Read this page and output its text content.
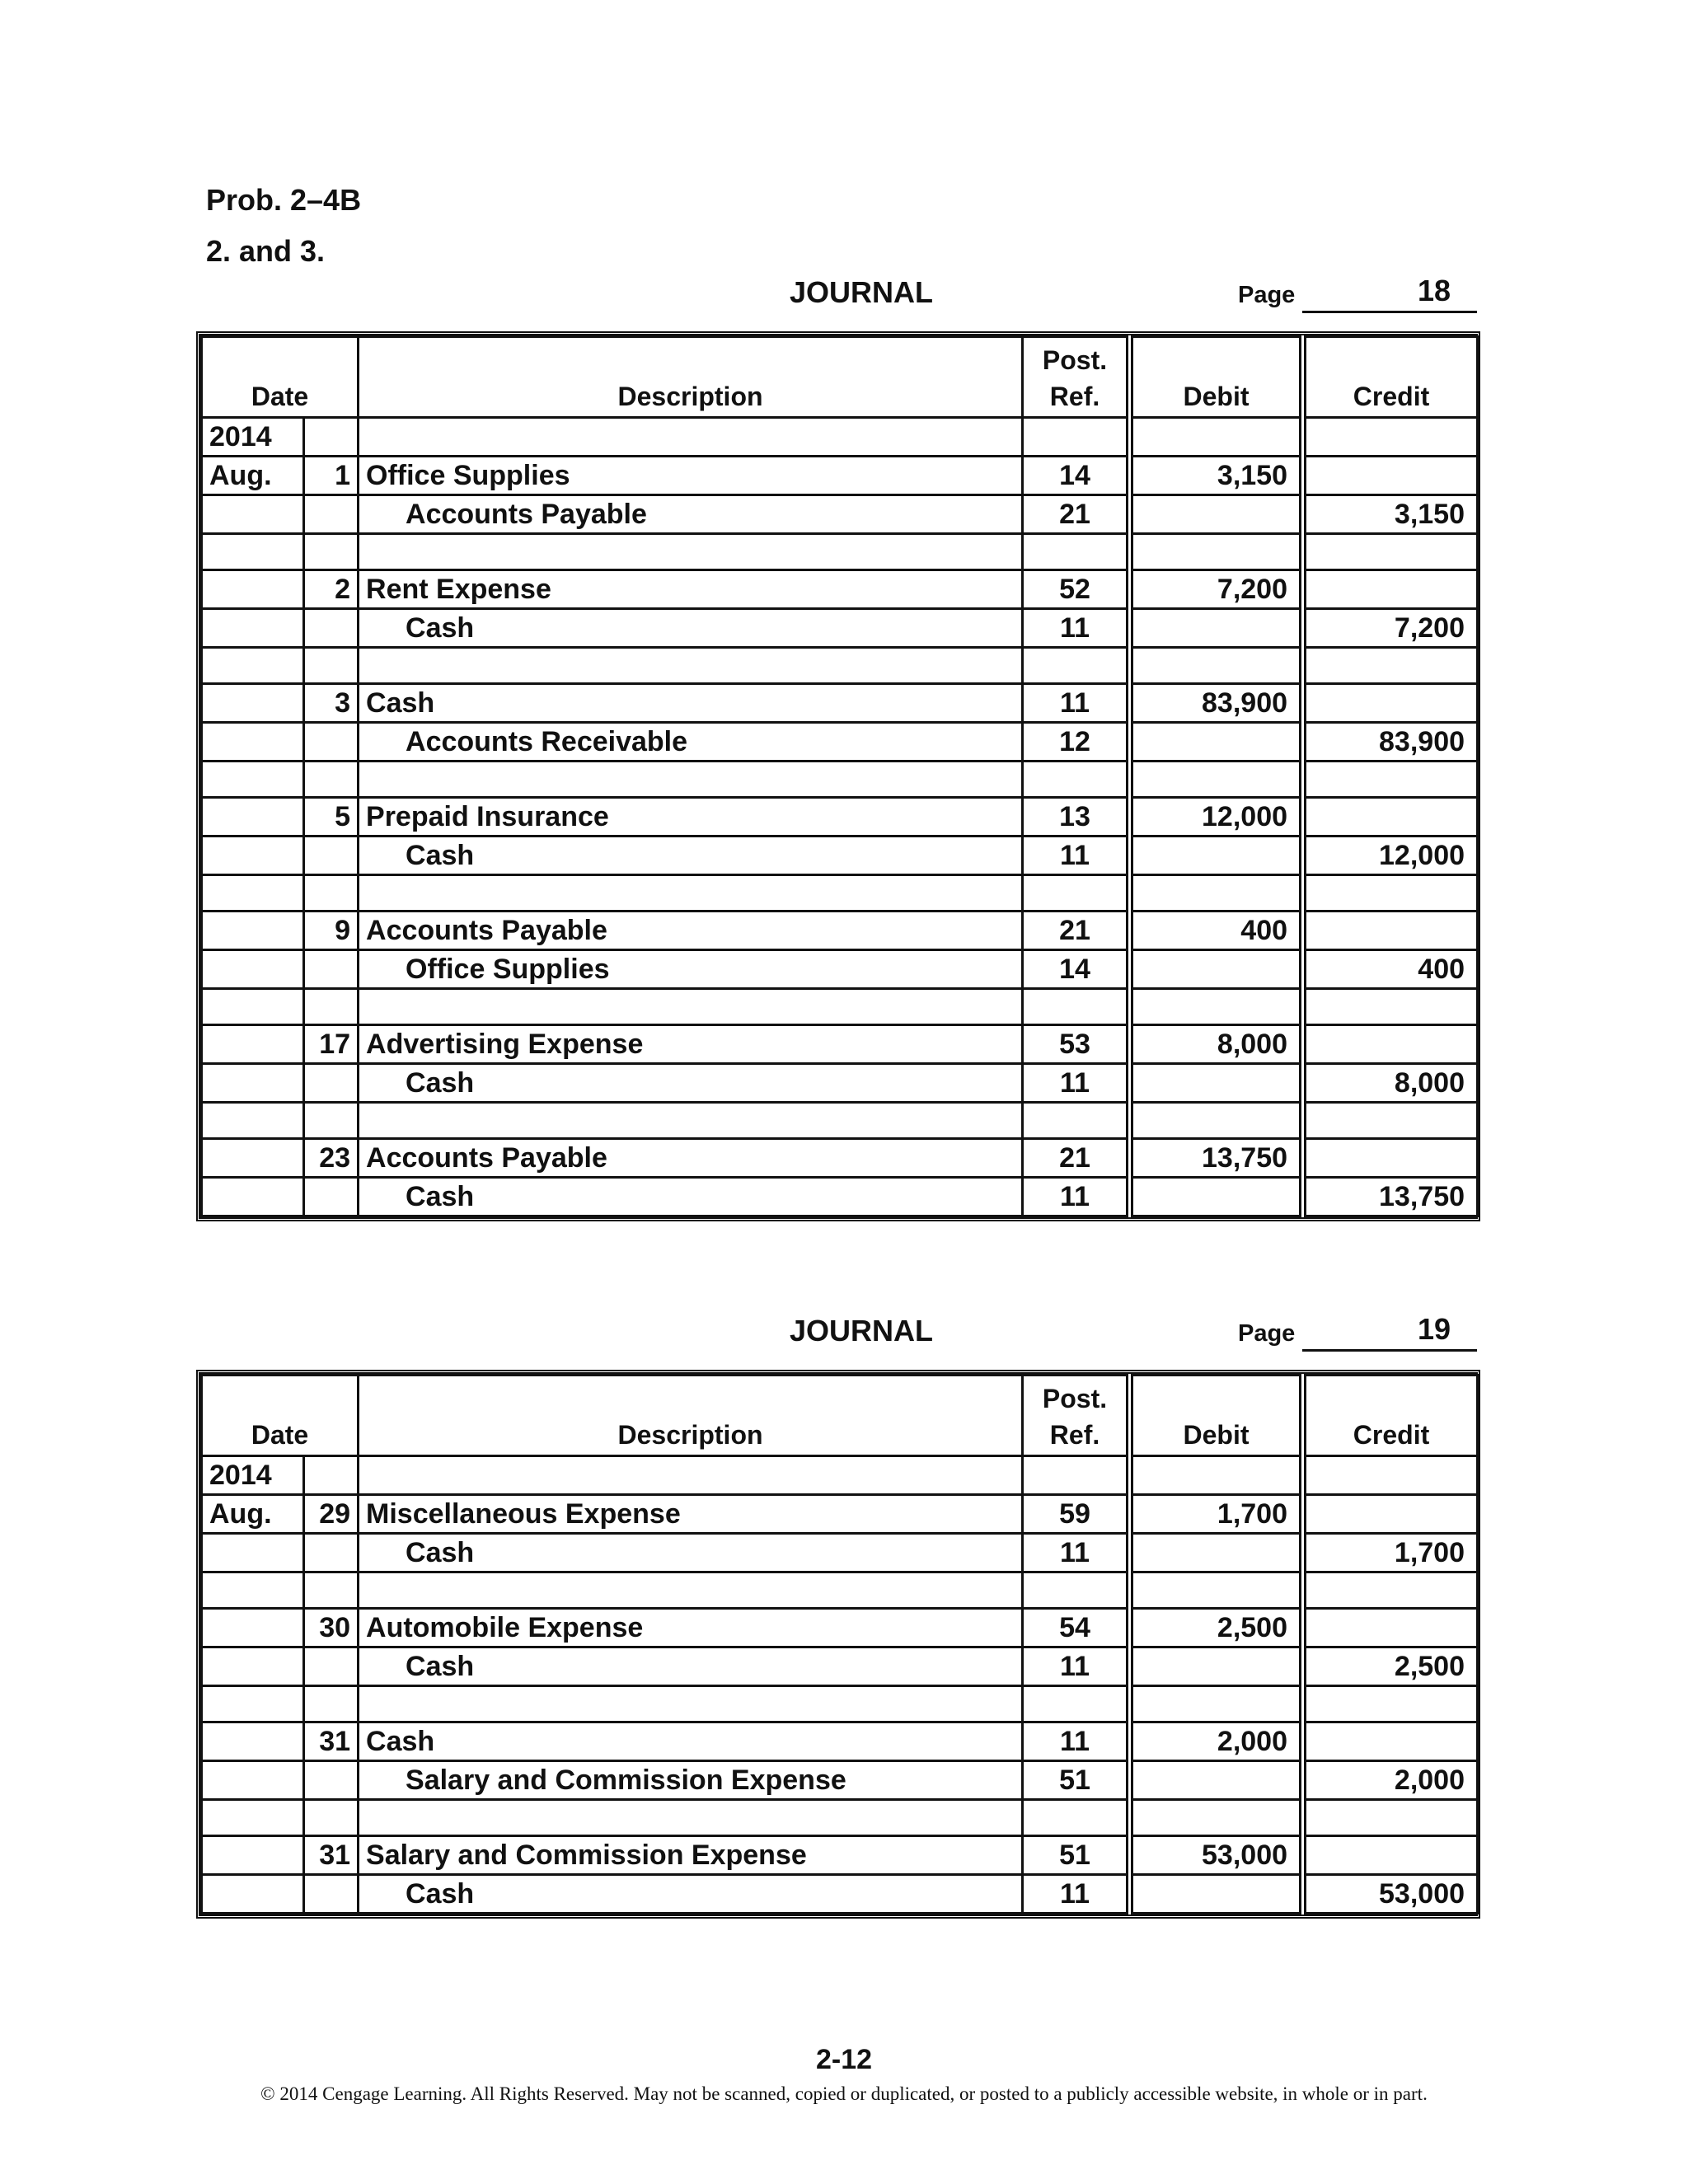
Prob. 2–4B
2. and 3.
JOURNAL	Page	18
Date		Description	Post.
Ref.	Debit	Credit
2014					
Aug.	1	Office Supplies	14	3,150	
		Accounts Payable	21		3,150

	2	Rent Expense	52	7,200	
		Cash	11		7,200

	3	Cash	11	83,900	
		Accounts Receivable	12		83,900

	5	Prepaid Insurance	13	12,000	
		Cash	11		12,000

	9	Accounts Payable	21	400	
		Office Supplies	14		400

	17	Advertising Expense	53	8,000	
		Cash	11		8,000

	23	Accounts Payable	21	13,750	
		Cash	11		13,750
JOURNAL	Page	19
Date		Description	Post.
Ref.	Debit	Credit
2014					
Aug.	29	Miscellaneous Expense	59	1,700	
		Cash	11		1,700

	30	Automobile Expense	54	2,500	
		Cash	11		2,500

	31	Cash	11	2,000	
		Salary and Commission Expense	51		2,000

	31	Salary and Commission Expense	51	53,000	
		Cash	11		53,000
2-12
© 2014 Cengage Learning. All Rights Reserved. May not be scanned, copied or duplicated, or posted to a publicly accessible website, in whole or in part.
